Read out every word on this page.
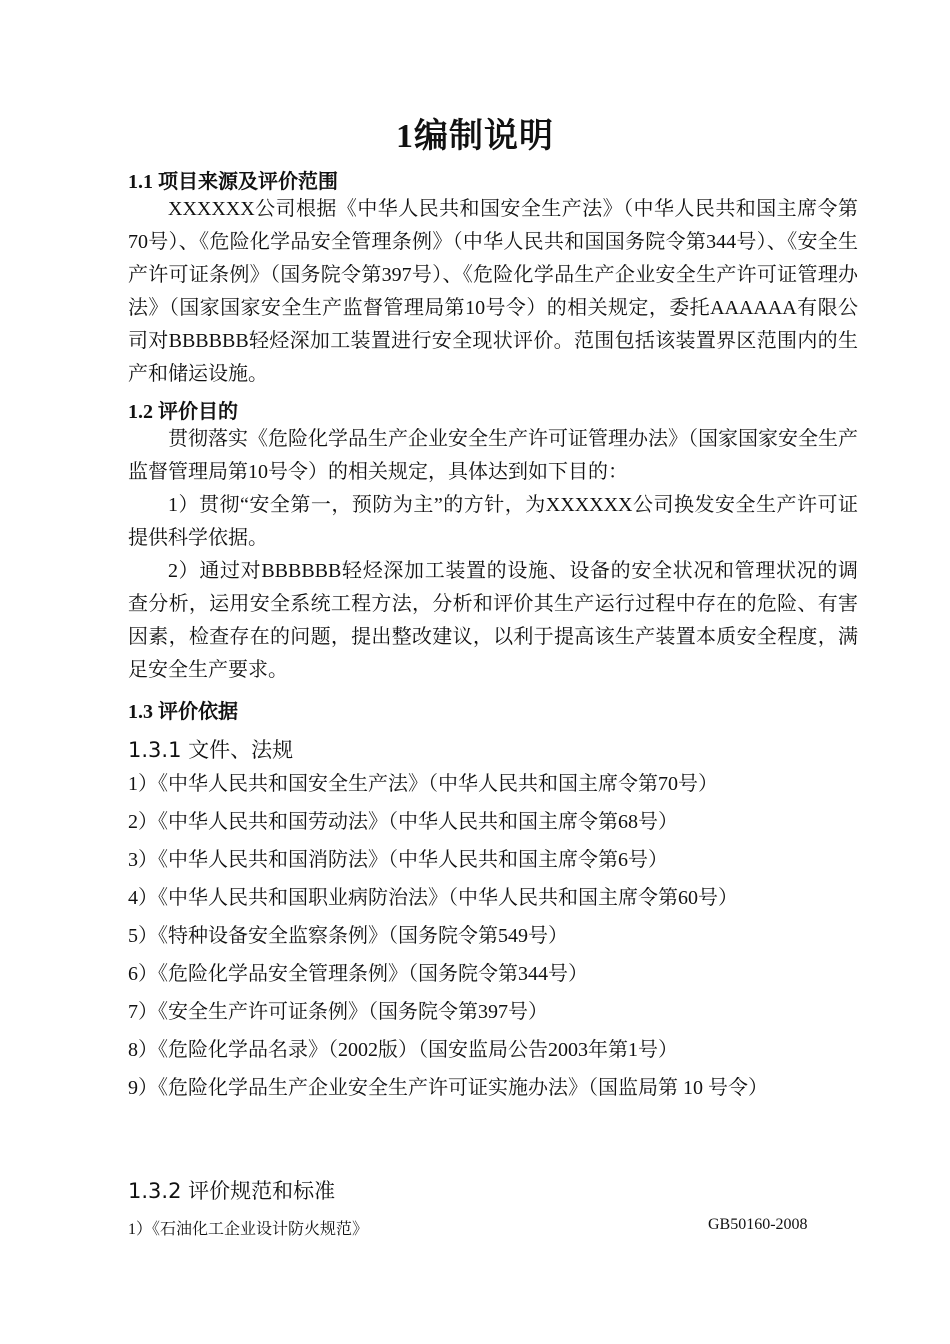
1编制说明
1.1 项目来源及评价范围

XXXXXX公司根据《中华人民共和国安全生产法》（中华人民共和国主席令第70号）、《危险化学品安全管理条例》（中华人民共和国国务院令第344号）、《安全生产许可证条例》（国务院令第397号）、《危险化学品生产企业安全生产许可证管理办法》（国家国家安全生产监督管理局第10号令）的相关规定，委托AAAAAA有限公司对BBBBBB轻烃深加工装置进行安全现状评价。范围包括该装置界区范围内的生产和储运设施。

1.2 评价目的

贯彻落实《危险化学品生产企业安全生产许可证管理办法》（国家国家安全生产监督管理局第10号令）的相关规定，具体达到如下目的：

1）贯彻“安全第一，预防为主”的方针，为XXXXXX公司换发安全生产许可证提供科学依据。

2）通过对BBBBBB轻烃深加工装置的设施、设备的安全状况和管理状况的调查分析，运用安全系统工程方法，分析和评价其生产运行过程中存在的危险、有害因素，检查存在的问题，提出整改建议，以利于提高该生产装置本质安全程度，满足安全生产要求。

1.3 评价依据
1.3.1 文件、法规
1）《中华人民共和国安全生产法》（中华人民共和国主席令第70号）
2）《中华人民共和国劳动法》（中华人民共和国主席令第68号）
3）《中华人民共和国消防法》（中华人民共和国主席令第6号）
4）《中华人民共和国职业病防治法》（中华人民共和国主席令第60号）
5）《特种设备安全监察条例》（国务院令第549号）
6）《危险化学品安全管理条例》（国务院令第344号）
7）《安全生产许可证条例》（国务院令第397号）
8）《危险化学品名录》（2002版）（国安监局公告2003年第1号）
9）《危险化学品生产企业安全生产许可证实施办法》（国监局第 10 号令）
1.3.2 评价规范和标准
1）《石油化工企业设计防火规范》	GB50160-2008
